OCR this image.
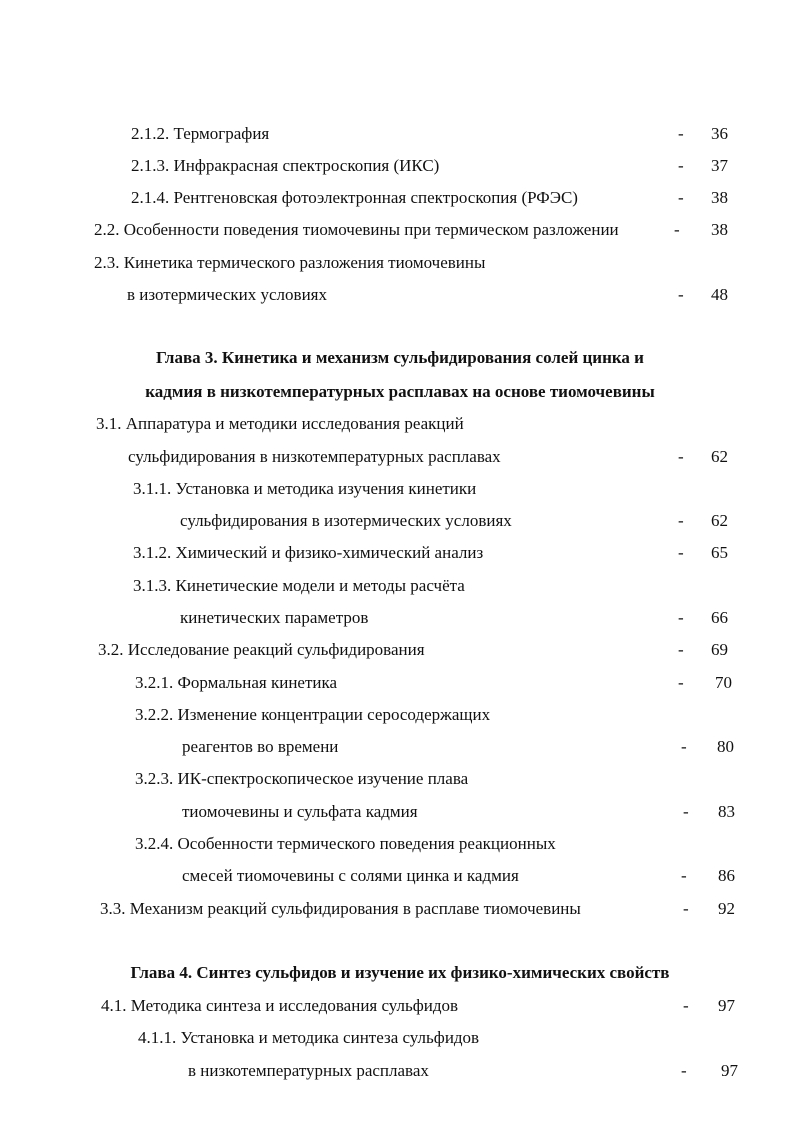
2.1.2. Термография	-	36
2.1.3. Инфракрасная спектроскопия (ИКС)	-	37
2.1.4. Рентгеновская фотоэлектронная спектроскопия (РФЭС)	-	38
2.2. Особенности поведения тиомочевины при термическом разложении	-	38
2.3. Кинетика термического разложения тиомочевины
в изотермических условиях	-	48
Глава 3. Кинетика и механизм сульфидирования солей цинка и
кадмия в низкотемпературных расплавах на основе тиомочевины
3.1. Аппаратура и методики исследования реакций
сульфидирования в низкотемпературных расплавах	-	62
3.1.1. Установка и методика изучения кинетики
сульфидирования в изотермических условиях	-	62
3.1.2. Химический и физико-химический анализ	-	65
3.1.3. Кинетические модели и методы расчёта
кинетических параметров	-	66
3.2. Исследование реакций сульфидирования	-	69
3.2.1. Формальная кинетика	-	70
3.2.2. Изменение концентрации серосодержащих
реагентов во времени	-	80
3.2.3. ИК-спектроскопическое изучение плава
тиомочевины и сульфата кадмия	-	83
3.2.4. Особенности термического поведения реакционных
смесей тиомочевины с солями цинка и кадмия	-	86
3.3. Механизм реакций сульфидирования в расплаве тиомочевины	-	92
Глава 4. Синтез сульфидов и изучение их физико-химических свойств
4.1. Методика синтеза и исследования сульфидов	-	97
4.1.1. Установка и методика синтеза сульфидов
в низкотемпературных расплавах	-	97
